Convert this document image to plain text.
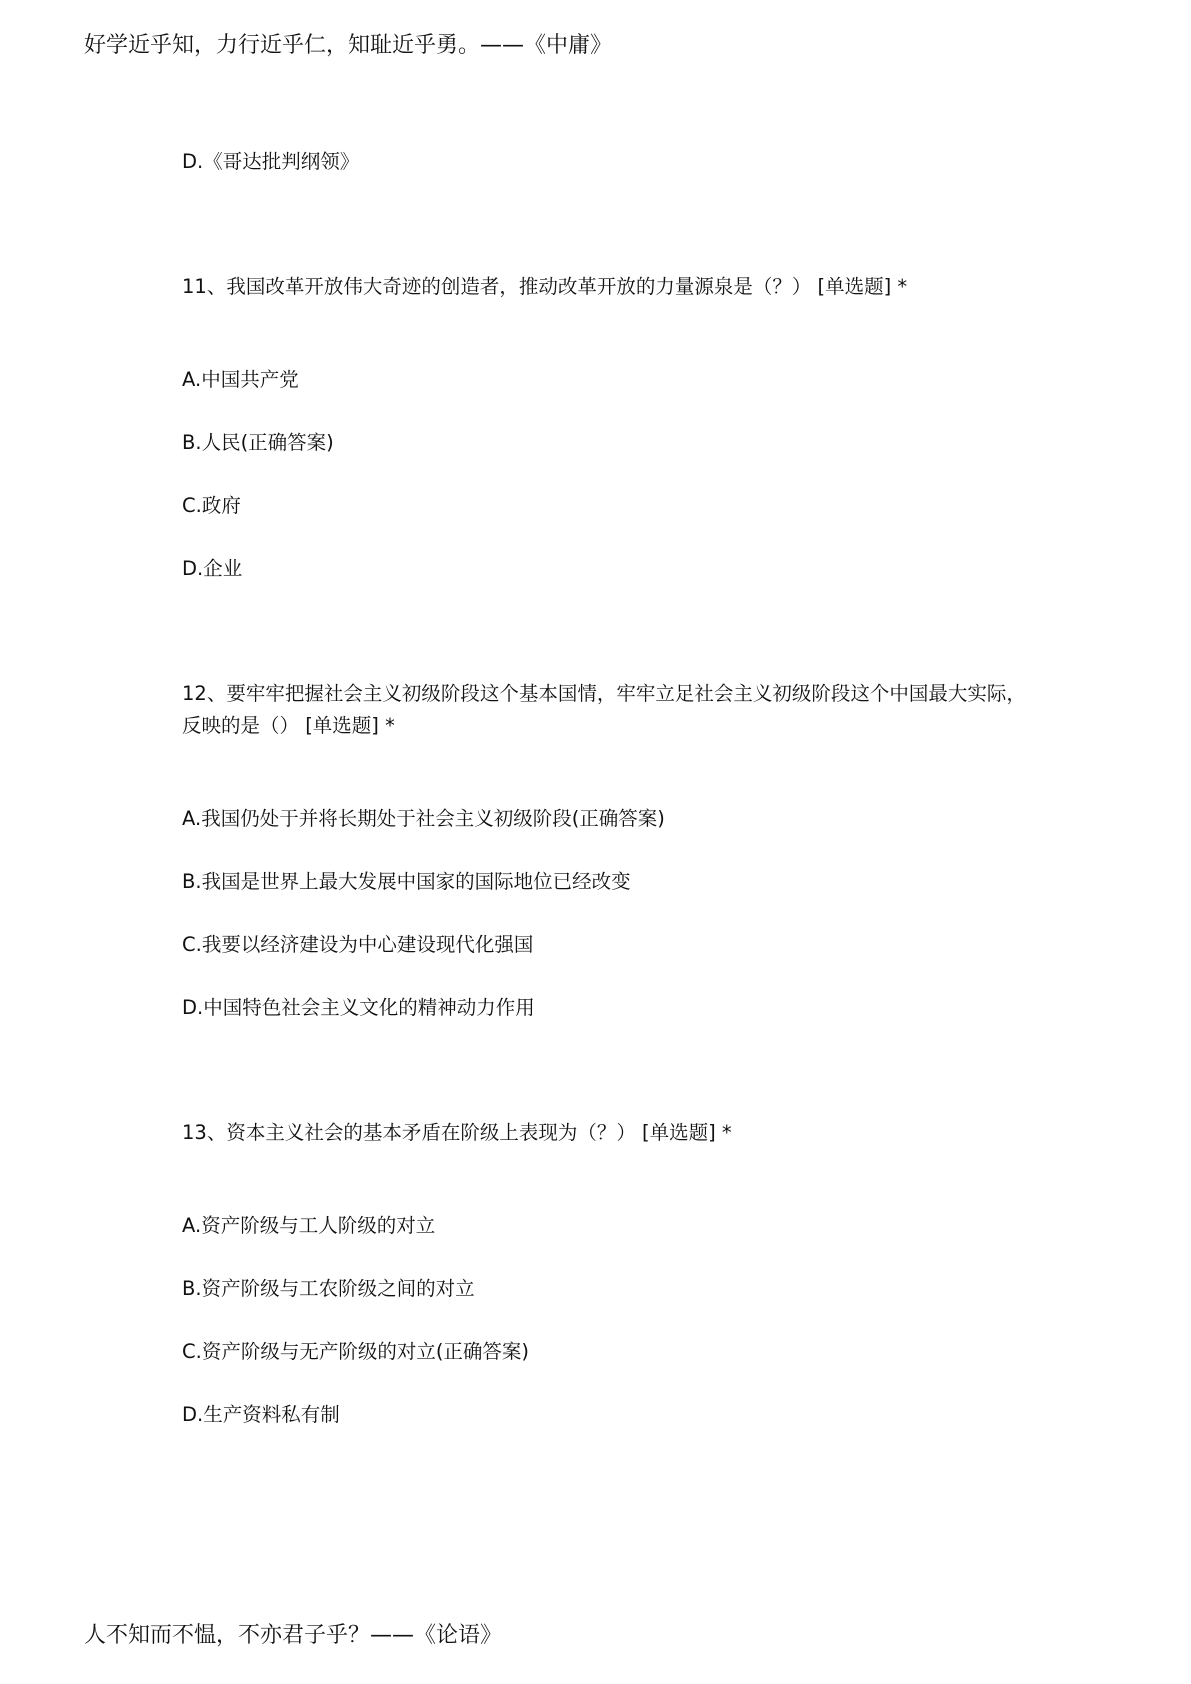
好学近乎知，力行近乎仁，知耻近乎勇。——《中庸》
D.《哥达批判纲领》
11、我国改革开放伟大奇迹的创造者，推动改革开放的力量源泉是（？） [单选题] *
A.中国共产党
B.人民(正确答案)
C.政府
D.企业
12、要牢牢把握社会主义初级阶段这个基本国情，牢牢立足社会主义初级阶段这个中国最大实际，反映的是（） [单选题] *
A.我国仍处于并将长期处于社会主义初级阶段(正确答案)
B.我国是世界上最大发展中国家的国际地位已经改变
C.我要以经济建设为中心建设现代化强国
D.中国特色社会主义文化的精神动力作用
13、资本主义社会的基本矛盾在阶级上表现为（？） [单选题] *
A.资产阶级与工人阶级的对立
B.资产阶级与工农阶级之间的对立
C.资产阶级与无产阶级的对立(正确答案)
D.生产资料私有制
人不知而不愠，不亦君子乎？——《论语》
